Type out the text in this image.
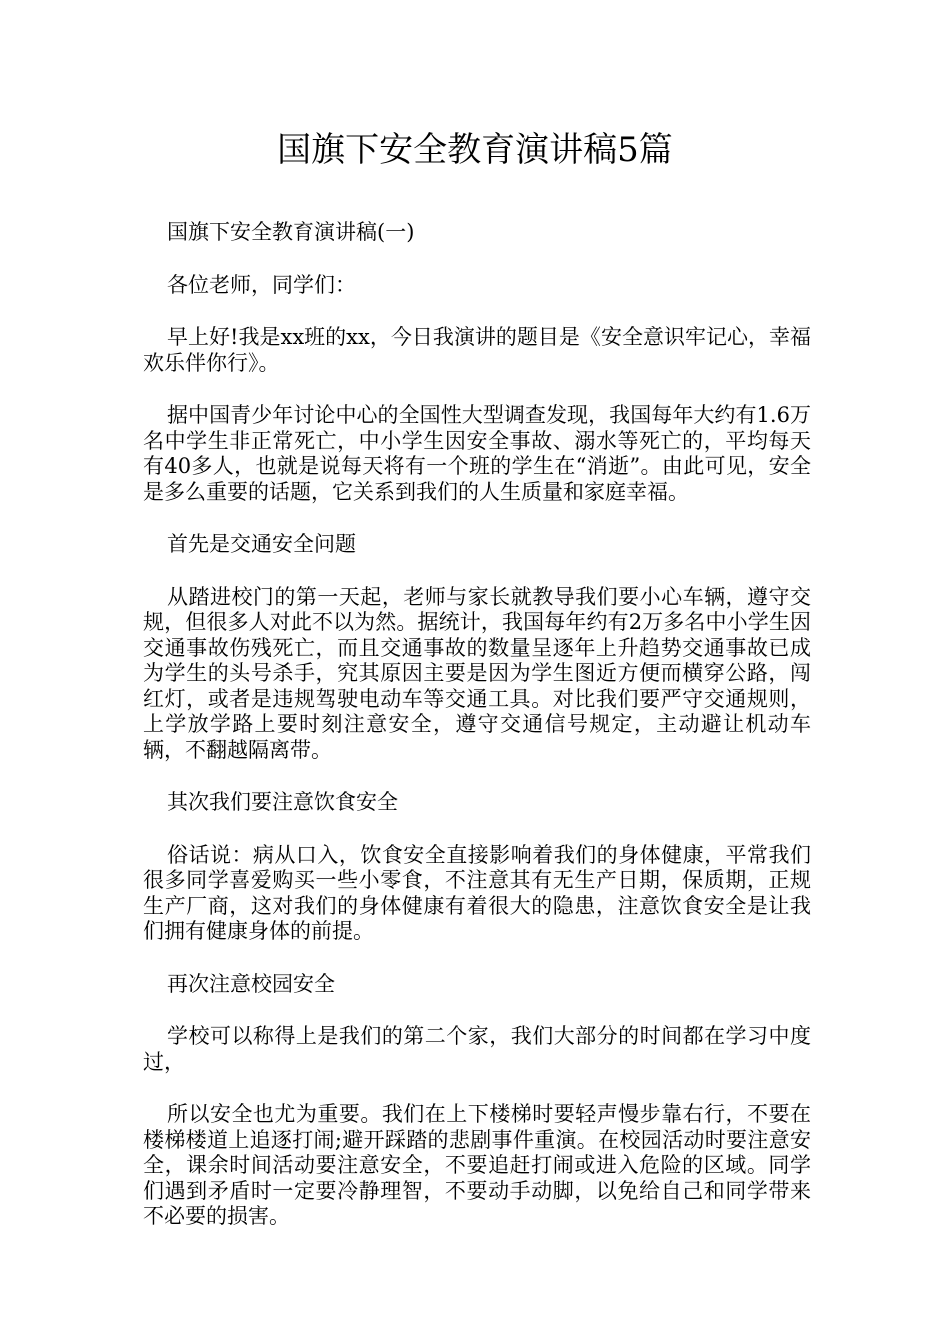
国旗下安全教育演讲稿5篇

国旗下安全教育演讲稿(一)

各位老师，同学们：

早上好!我是xx班的xx，今日我演讲的题目是《安全意识牢记心，幸福欢乐伴你行》。

据中国青少年讨论中心的全国性大型调查发现，我国每年大约有1.6万名中学生非正常死亡，中小学生因安全事故、溺水等死亡的，平均每天有40多人，也就是说每天将有一个班的学生在“消逝”。由此可见，安全是多么重要的话题，它关系到我们的人生质量和家庭幸福。

首先是交通安全问题

从踏进校门的第一天起，老师与家长就教导我们要小心车辆，遵守交规，但很多人对此不以为然。据统计，我国每年约有2万多名中小学生因交通事故伤残死亡，而且交通事故的数量呈逐年上升趋势交通事故已成为学生的头号杀手，究其原因主要是因为学生图近方便而横穿公路，闯红灯，或者是违规驾驶电动车等交通工具。对比我们要严守交通规则，上学放学路上要时刻注意安全，遵守交通信号规定，主动避让机动车辆，不翻越隔离带。

其次我们要注意饮食安全

俗话说：病从口入，饮食安全直接影响着我们的身体健康，平常我们很多同学喜爱购买一些小零食，不注意其有无生产日期，保质期，正规生产厂商，这对我们的身体健康有着很大的隐患，注意饮食安全是让我们拥有健康身体的前提。

再次注意校园安全

学校可以称得上是我们的第二个家，我们大部分的时间都在学习中度过，

所以安全也尤为重要。我们在上下楼梯时要轻声慢步靠右行，不要在楼梯楼道上追逐打闹;避开踩踏的悲剧事件重演。在校园活动时要注意安全，课余时间活动要注意安全，不要追赶打闹或进入危险的区域。同学们遇到矛盾时一定要冷静理智，不要动手动脚，以免给自己和同学带来不必要的损害。
